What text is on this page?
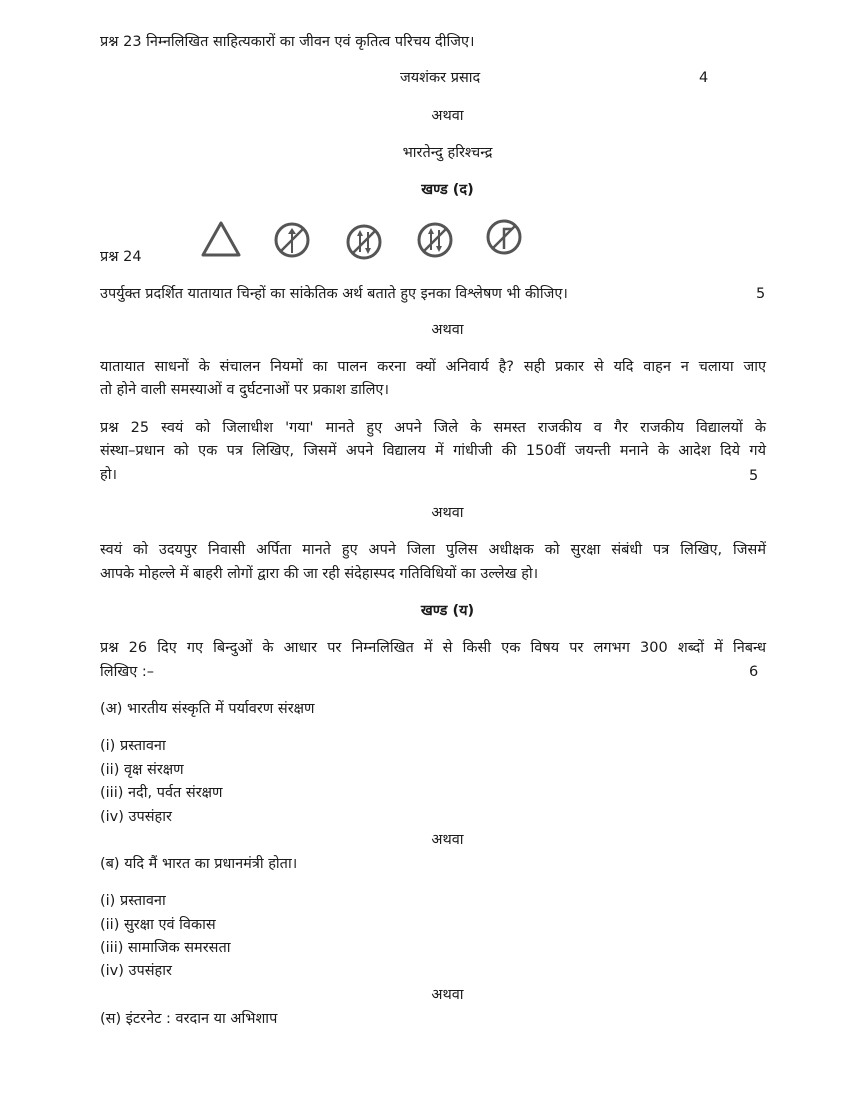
प्रश्न 23 निम्नलिखित साहित्यकारों का जीवन एवं कृतित्व परिचय दीजिए।
जयशंकर प्रसाद	4
अथवा
भारतेन्दु हरिश्चन्द्र
खण्ड (द)
प्रश्न 24
उपर्युक्त प्रदर्शित यातायात चिन्हों का सांकेतिक अर्थ बताते हुए इनका विश्लेषण भी कीजिए।	5
अथवा
यातायात साधनों के संचालन नियमों का पालन करना क्यों अनिवार्य है? सही प्रकार से यदि वाहन न चलाया जाए
तो होने वाली समस्याओं व दुर्घटनाओं पर प्रकाश डालिए।
प्रश्न 25 स्वयं को जिलाधीश 'गया' मानते हुए अपने जिले के समस्त राजकीय व गैर राजकीय विद्यालयों के
संस्था–प्रधान को एक पत्र लिखिए, जिसमें अपने विद्यालय में गांधीजी की 150वीं जयन्ती मनाने के आदेश दिये गये
हो।	5
अथवा
स्वयं को उदयपुर निवासी अर्पिता मानते हुए अपने जिला पुलिस अधीक्षक को सुरक्षा संबंधी पत्र लिखिए, जिसमें
आपके मोहल्ले में बाहरी लोगों द्वारा की जा रही संदेहास्पद गतिविधियों का उल्लेख हो।
खण्ड (य)
प्रश्न 26 दिए गए बिन्दुओं के आधार पर निम्नलिखित में से किसी एक विषय पर लगभग 300 शब्दों में निबन्ध
लिखिए :–	6
(अ) भारतीय संस्कृति में पर्यावरण संरक्षण
(i) प्रस्तावना
(ii) वृक्ष संरक्षण
(iii) नदी, पर्वत संरक्षण
(iv) उपसंहार
अथवा
(ब) यदि मैं भारत का प्रधानमंत्री होता।
(i) प्रस्तावना
(ii) सुरक्षा एवं विकास
(iii) सामाजिक समरसता
(iv) उपसंहार
अथवा
(स) इंटरनेट : वरदान या अभिशाप
